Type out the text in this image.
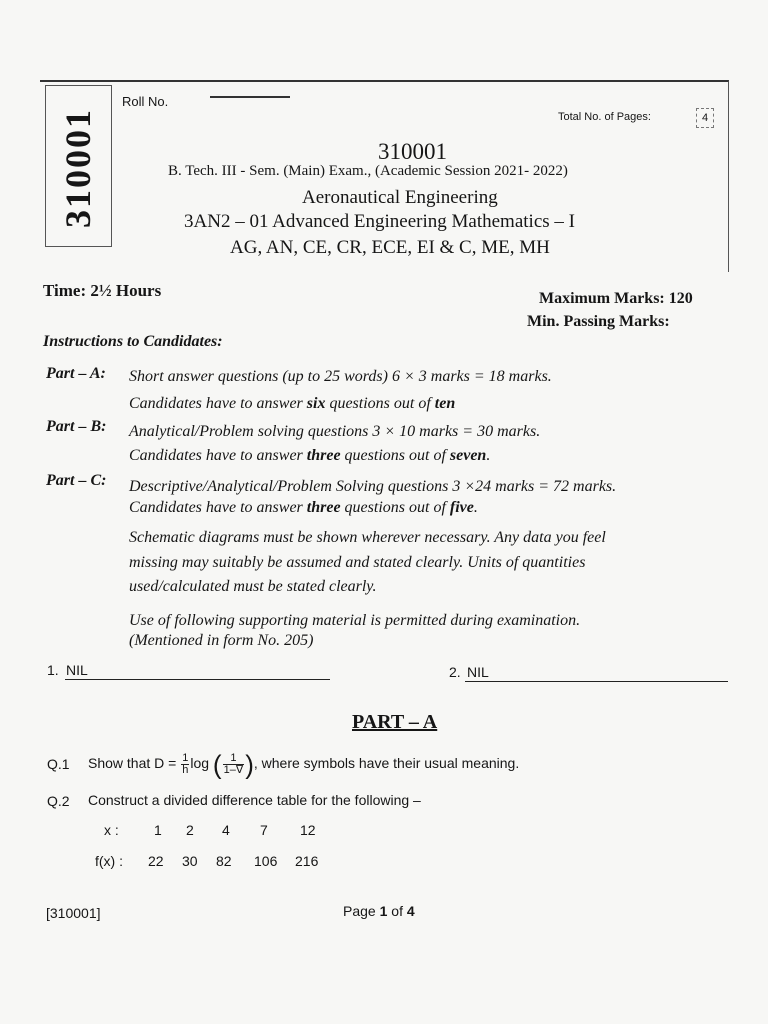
310001
Roll No.
Total No. of Pages:	4
310001
B. Tech. III - Sem. (Main) Exam., (Academic Session 2021- 2022)
Aeronautical Engineering
3AN2 – 01 Advanced Engineering Mathematics – I
AG, AN, CE, CR, ECE, EI & C, ME, MH
Time: 2½ Hours	Maximum Marks: 120
Min. Passing Marks:
Instructions to Candidates:
Part – A: Short answer questions (up to 25 words) 6 × 3 marks = 18 marks.
Candidates have to answer six questions out of ten
Part – B: Analytical/Problem solving questions 3 × 10 marks = 30 marks.
Candidates have to answer three questions out of seven.
Part – C: Descriptive/Analytical/Problem Solving questions 3 ×24 marks = 72 marks.
Candidates have to answer three questions out of five.
Schematic diagrams must be shown wherever necessary. Any data you feel
missing may suitably be assumed and stated clearly. Units of quantities
used/calculated must be stated clearly.
Use of following supporting material is permitted during examination.
(Mentioned in form No. 205)
1. NIL	2. NIL
PART – A
Q.1 Show that $D = \frac{1}{h}$ log ( $\frac{1}{1-\nabla}$ ), where symbols have their usual meaning.
Q.2 Construct a divided difference table for the following –
x :	1 2 4 7 12
f(x) : 22 30 82 106 216
[310001]	Page 1 of 4
